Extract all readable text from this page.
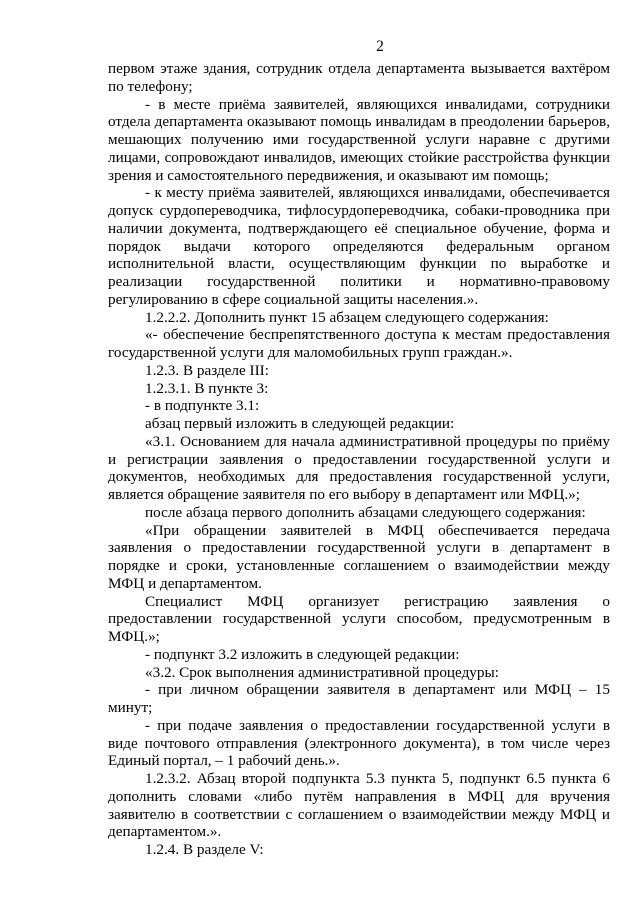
2

первом этаже здания, сотрудник отдела департамента вызывается вахтёром по телефону;

- в месте приёма заявителей, являющихся инвалидами, сотрудники отдела департамента оказывают помощь инвалидам в преодолении барьеров, мешающих получению ими государственной услуги наравне с другими лицами, сопровождают инвалидов, имеющих стойкие расстройства функции зрения и самостоятельного передвижения, и оказывают им помощь;

- к месту приёма заявителей, являющихся инвалидами, обеспечивается допуск сурдопереводчика, тифлосурдопереводчика, собаки-проводника при наличии документа, подтверждающего её специальное обучение, форма и порядок выдачи которого определяются федеральным органом исполнительной власти, осуществляющим функции по выработке и реализации государственной политики и нормативно-правовому регулированию в сфере социальной защиты населения.».

1.2.2.2. Дополнить пункт 15 абзацем следующего содержания:

«- обеспечение беспрепятственного доступа к местам предоставления государственной услуги для маломобильных групп граждан.».

1.2.3. В разделе III:

1.2.3.1. В пункте 3:

- в подпункте 3.1:

абзац первый изложить в следующей редакции:

«3.1. Основанием для начала административной процедуры по приёму и регистрации заявления о предоставлении государственной услуги и документов, необходимых для предоставления государственной услуги, является обращение заявителя по его выбору в департамент или МФЦ.»;

после абзаца первого дополнить абзацами следующего содержания:

«При обращении заявителей в МФЦ обеспечивается передача заявления о предоставлении государственной услуги в департамент в порядке и сроки, установленные соглашением о взаимодействии между МФЦ и департаментом.

Специалист МФЦ организует регистрацию заявления о предоставлении государственной услуги способом, предусмотренным в МФЦ.»;

- подпункт 3.2 изложить в следующей редакции:

«3.2. Срок выполнения административной процедуры:

- при личном обращении заявителя в департамент или МФЦ – 15 минут;

- при подаче заявления о предоставлении государственной услуги в виде почтового отправления (электронного документа), в том числе через Единый портал, – 1 рабочий день.».

1.2.3.2. Абзац второй подпункта 5.3 пункта 5, подпункт 6.5 пункта 6 дополнить словами «либо путём направления в МФЦ для вручения заявителю в соответствии с соглашением о взаимодействии между МФЦ и департаментом.».

1.2.4. В разделе V:
